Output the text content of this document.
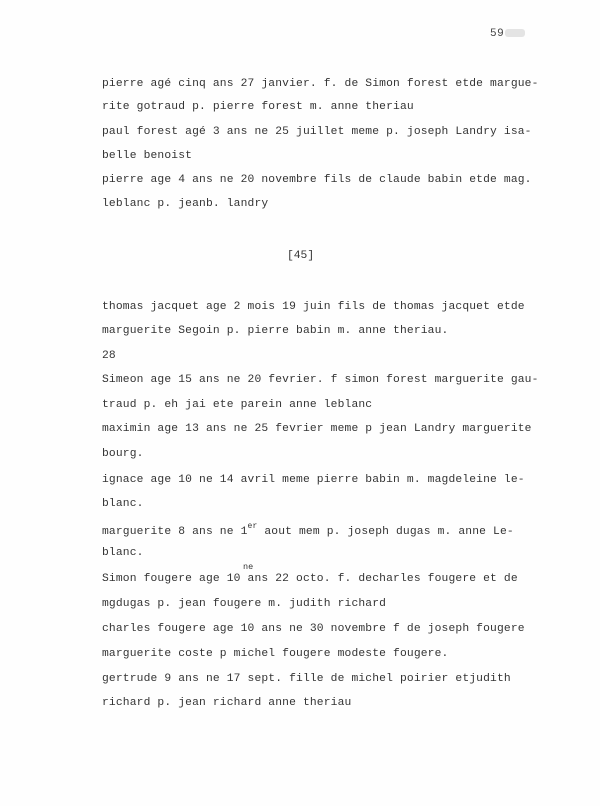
59
pierre agé cinq ans 27 janvier. f. de Simon forest etde margue-
rite gotraud p. pierre forest m. anne theriau
paul forest agé 3 ans ne 25 juillet meme p. joseph Landry isa-
belle benoist
pierre age 4 ans ne 20 novembre fils de claude babin etde mag.
leblanc p. jeanb. landry
[45]
thomas jacquet age 2 mois 19 juin fils de thomas jacquet etde
marguerite Segoin p. pierre babin m. anne theriau.
28
Simeon age 15 ans ne 20 fevrier. f simon forest marguerite gau-
traud p. eh jai ete parein anne leblanc
maximin age 13 ans ne 25 fevrier meme p jean Landry marguerite
bourg.
ignace age 10 ne 14 avril meme pierre babin m. magdeleine le-
blanc.
marguerite 8 ans ne 1er aout mem p. joseph dugas m. anne Le-
blanc.
ne
Simon fougere age 10 ans 22 octo. f. decharles fougere et de
mgdugas p. jean fougere m. judith richard
charles fougere age 10 ans ne 30 novembre f de joseph fougere
marguerite coste p michel fougere modeste fougere.
gertrude 9 ans ne 17 sept. fille de michel poirier etjudith
richard p. jean richard anne theriau
